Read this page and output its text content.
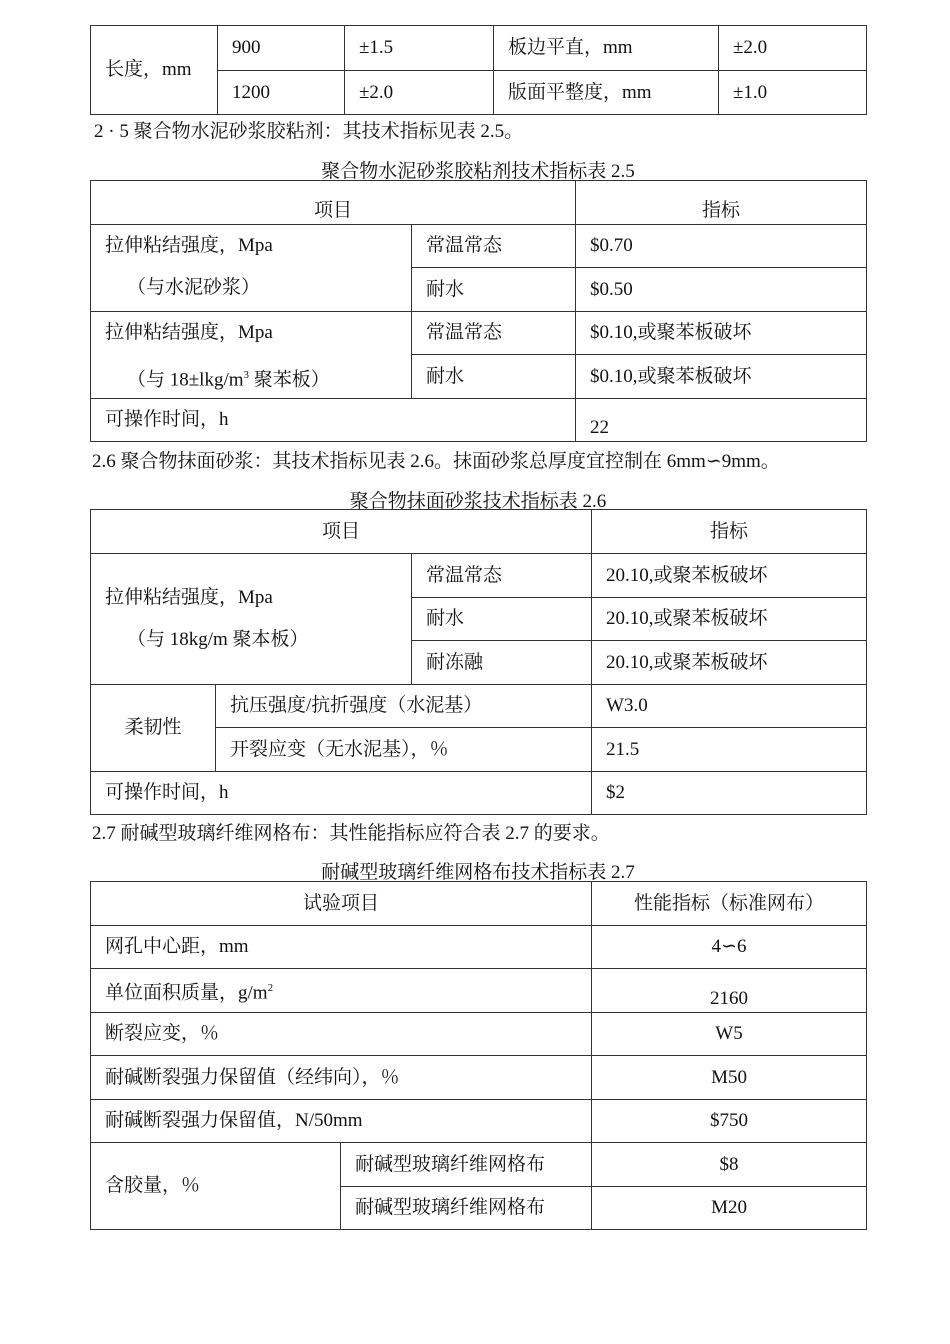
长度，mm	900	±1.5	板边平直，mm	±2.0
	1200	±2.0	版面平整度，mm	±1.0
2 · 5 聚合物水泥砂浆胶粘剂：其技术指标见表 2.5。
聚合物水泥砂浆胶粘剂技术指标表 2.5
项目		指标

拉伸粘结强度，Mpa
（与水泥砂浆）	常温常态	$0.70
	耐水	$0.50

拉伸粘结强度，Mpa
（与 $18\pm lkg/m^3$ 聚苯板）	常温常态	$0.10,或聚苯板破坏
	耐水	$0.10,或聚苯板破坏
可操作时间，h		22
2.6 聚合物抹面砂浆：其技术指标见表 2.6。抹面砂浆总厚度宜控制在 6mm∽9mm。
聚合物抹面砂浆技术指标表 2.6
项目			指标

拉伸粘结强度，Mpa
（与 18kg/m 聚本板）		常温常态	20.10,或聚苯板破坏
		耐水	20.10,或聚苯板破坏
		耐冻融	20.10,或聚苯板破坏
柔韧性	抗压强度/抗折强度（水泥基）		W3.0
	开裂应变（无水泥基），％		21.5
可操作时间，h			$2
2.7 耐碱型玻璃纤维网格布：其性能指标应符合表 2.7 的要求。
耐碱型玻璃纤维网格布技术指标表 2.7
试验项目		性能指标（标准网布）
网孔中心距，mm		4∽6
单位面积质量，$g/m^2$		2160
断裂应变，％		W5
耐碱断裂强力保留值（经纬向），％		M50
耐碱断裂强力保留值，N/50mm		$750
含胶量，％	耐碱型玻璃纤维网格布	$8
	耐碱型玻璃纤维网格布	M20
